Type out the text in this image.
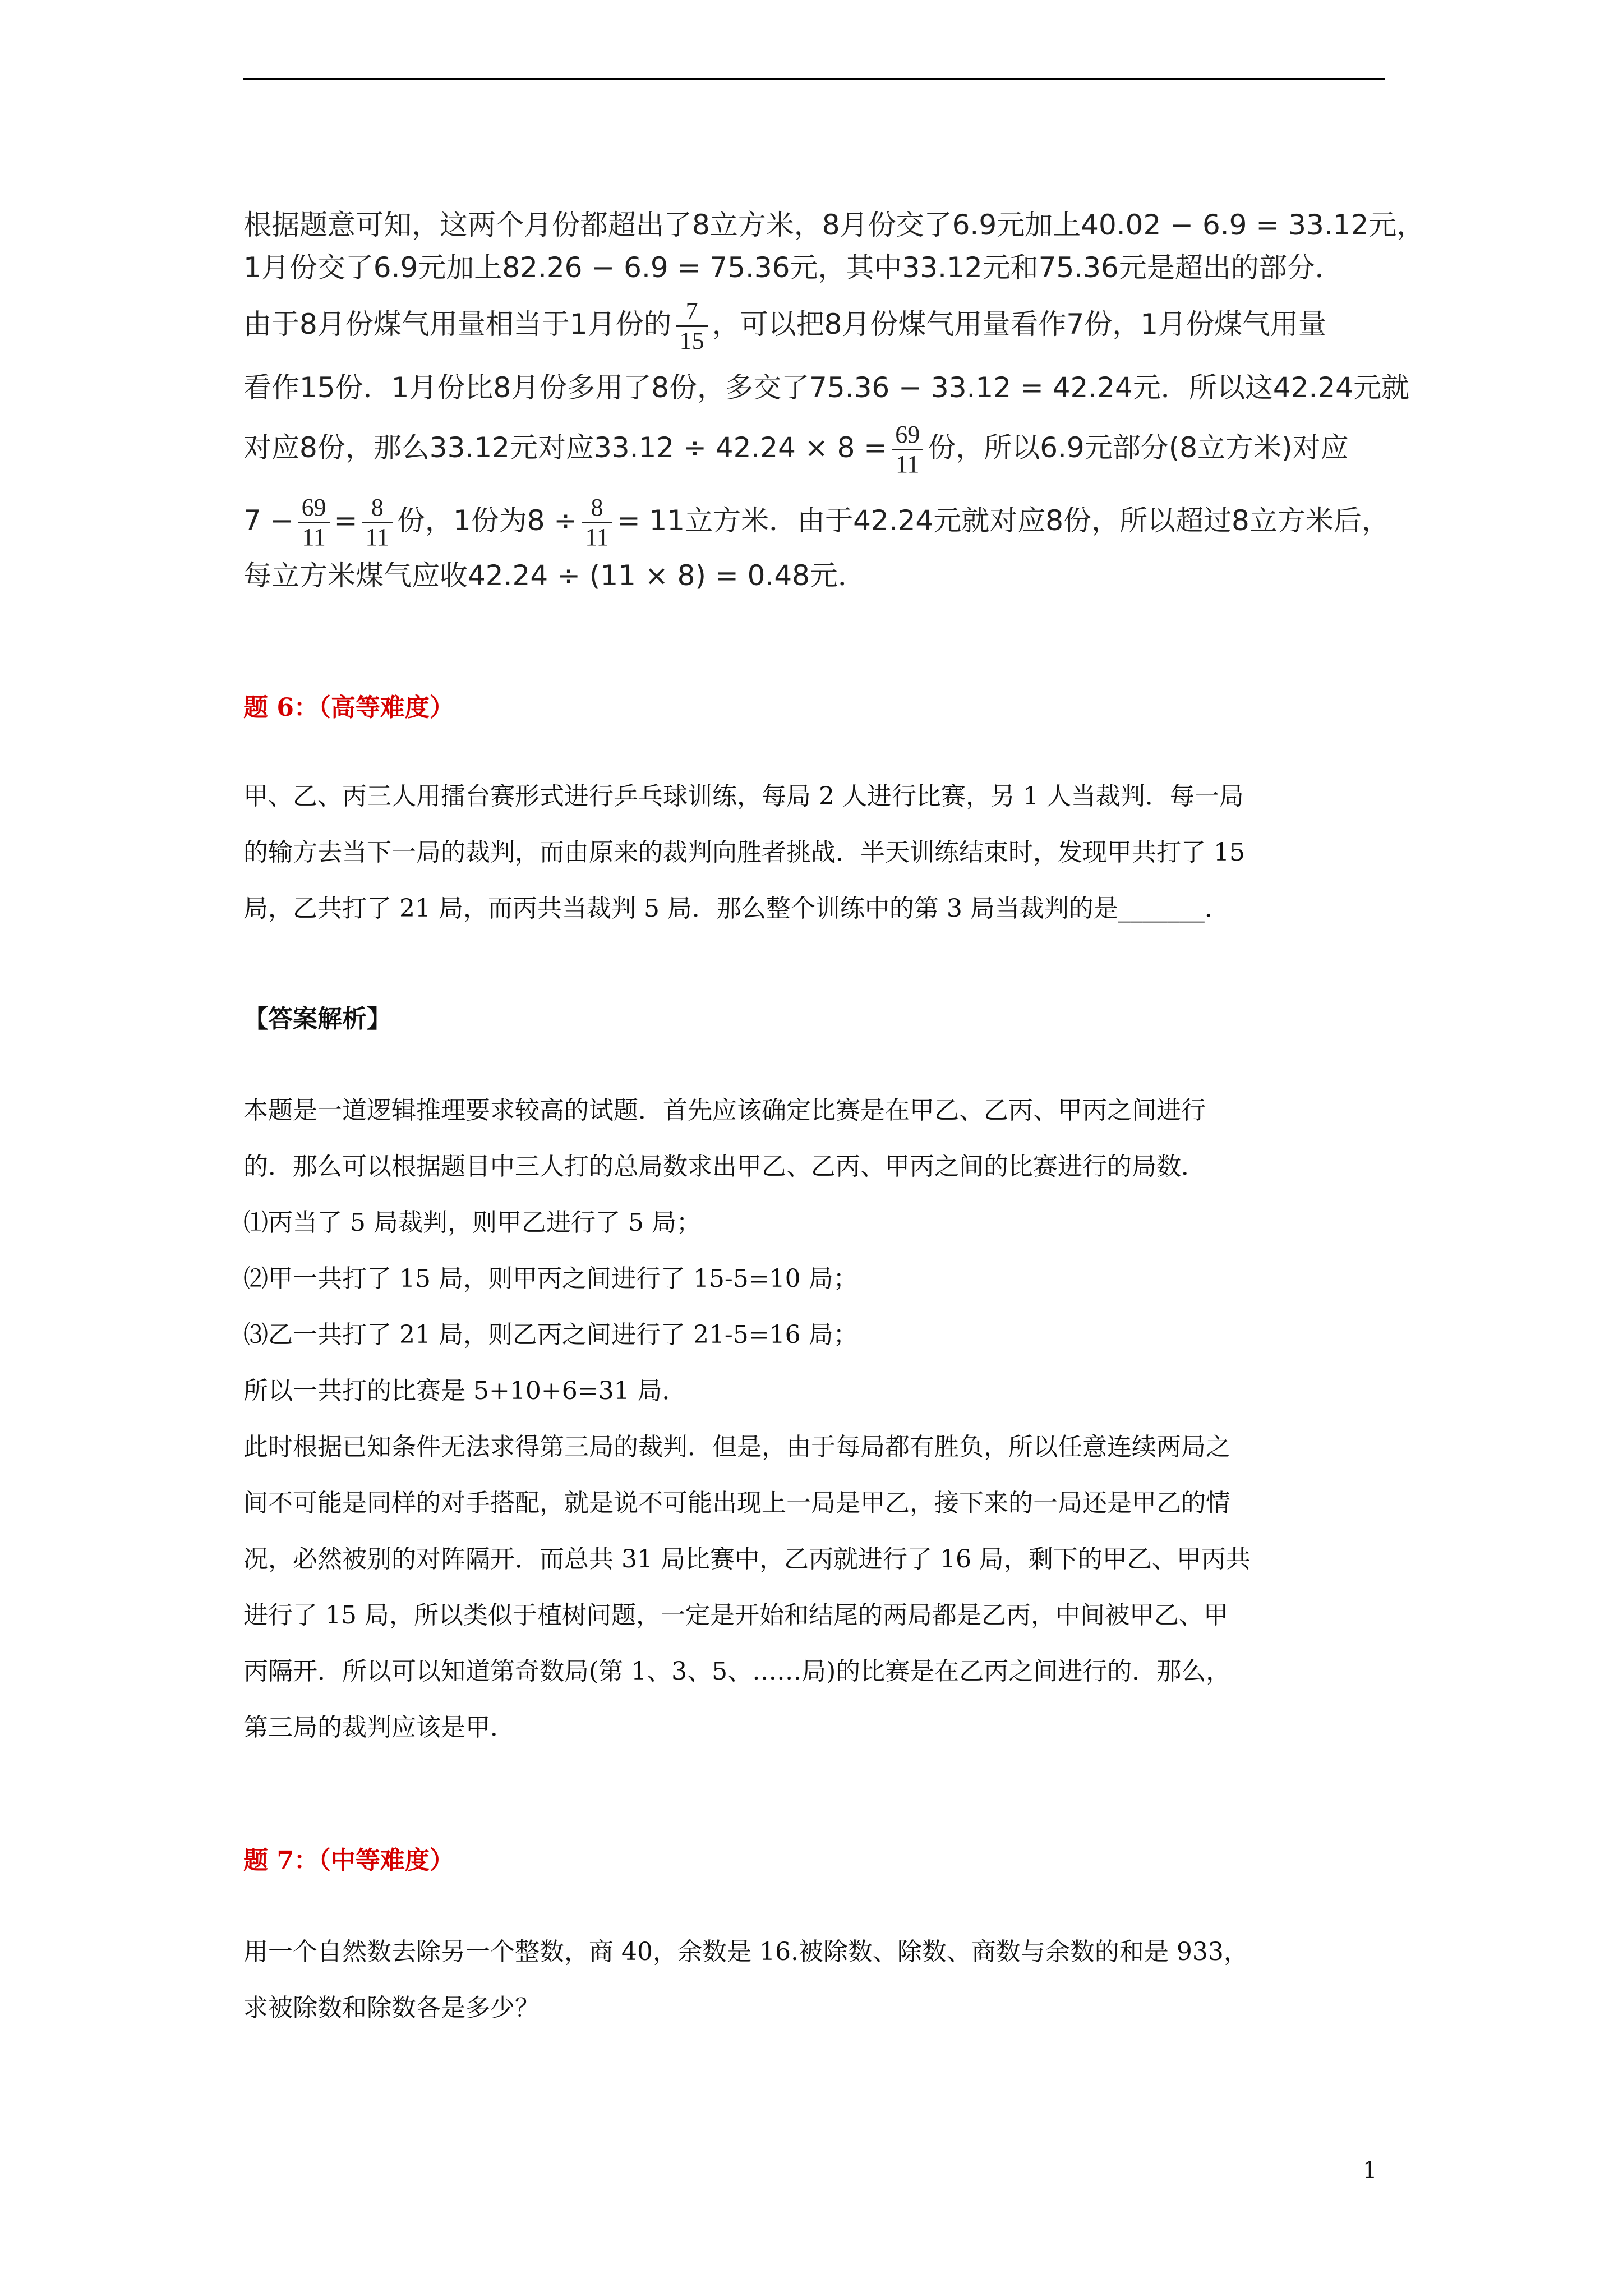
根据题意可知，这两个月份都超出了8立方米，8月份交了6.9元加上40.02 − 6.9 = 33.12元，
1月份交了6.9元加上82.26 − 6.9 = 75.36元，其中33.12元和75.36元是超出的部分．
由于8月份煤气用量相当于1月份的 $\frac{7}{15}$ ，可以把8月份煤气用量看作7份，1月份煤气用量
看作15份．1月份比8月份多用了8份，多交了75.36 − 33.12 = 42.24元．所以这42.24元就
对应8份，那么33.12元对应$33.12 \div 42.24 \times 8 = \frac{69}{11}$ 份，所以6.9元部分(8立方米)对应
$7 - \frac{69}{11} = \frac{8}{11}$ 份，1份为$8 \div \frac{8}{11} = 11$立方米．由于42.24元就对应8份，所以超过8立方米后，
每立方米煤气应收42.24 ÷ (11 × 8) = 0.48元．
题 6：（高等难度）

甲、乙、丙三人用擂台赛形式进行乒乓球训练，每局 2 人进行比赛，另 1 人当裁判．每一局

的输方去当下一局的裁判，而由原来的裁判向胜者挑战．半天训练结束时，发现甲共打了 15

局，乙共打了 21 局，而丙共当裁判 5 局．那么整个训练中的第 3 局当裁判的是_______．

【答案解析】

本题是一道逻辑推理要求较高的试题．首先应该确定比赛是在甲乙、乙丙、甲丙之间进行

的．那么可以根据题目中三人打的总局数求出甲乙、乙丙、甲丙之间的比赛进行的局数．

⑴丙当了 5 局裁判，则甲乙进行了 5 局；

⑵甲一共打了 15 局，则甲丙之间进行了 15-5=10 局；

⑶乙一共打了 21 局，则乙丙之间进行了 21-5=16 局；

所以一共打的比赛是 5+10+6=31 局．

此时根据已知条件无法求得第三局的裁判．但是，由于每局都有胜负，所以任意连续两局之

间不可能是同样的对手搭配，就是说不可能出现上一局是甲乙，接下来的一局还是甲乙的情

况，必然被别的对阵隔开．而总共 31 局比赛中，乙丙就进行了 16 局，剩下的甲乙、甲丙共

进行了 15 局，所以类似于植树问题，一定是开始和结尾的两局都是乙丙，中间被甲乙、甲

丙隔开．所以可以知道第奇数局(第 1、3、5、……局)的比赛是在乙丙之间进行的．那么，

第三局的裁判应该是甲．

题 7：（中等难度）

用一个自然数去除另一个整数，商 40，余数是 16.被除数、除数、商数与余数的和是 933，

求被除数和除数各是多少？

1
